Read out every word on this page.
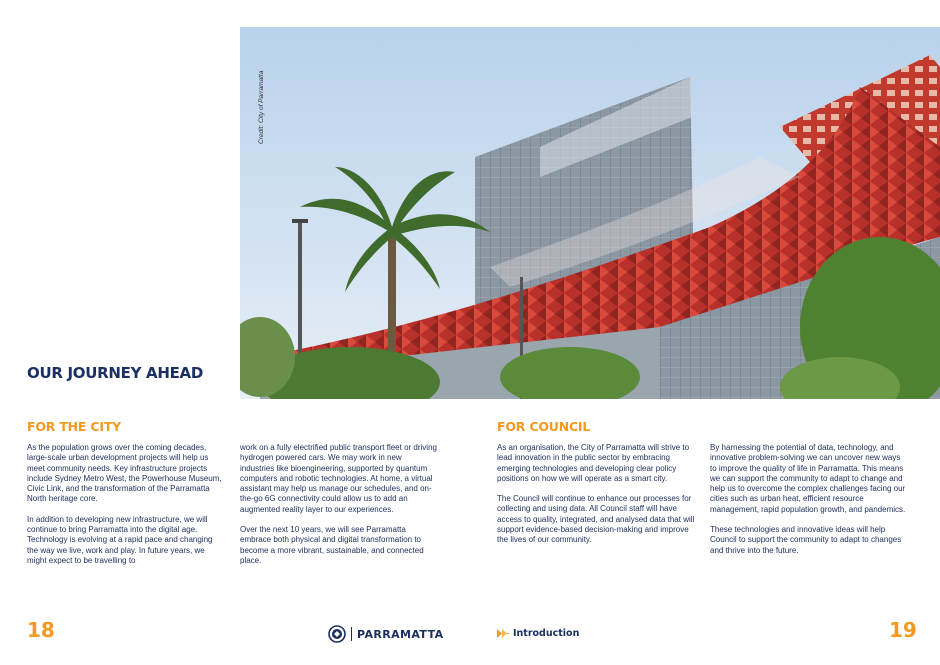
Credit: City of Parramatta
OUR JOURNEY AHEAD
FOR THE CITY

As the population grows over the coming decades, large-scale urban development projects will help us meet community needs. Key infrastructure projects include Sydney Metro West, the Powerhouse Museum, Civic Link, and the transformation of the Parramatta North heritage core.

In addition to developing new infrastructure, we will continue to bring Parramatta into the digital age. Technology is evolving at a rapid pace and changing the way we live, work and play. In future years, we might expect to be travelling to

work on a fully electrified public transport fleet or driving hydrogen powered cars. We may work in new industries like bioengineering, supported by quantum computers and robotic technologies. At home, a virtual assistant may help us manage our schedules, and on-the-go 6G connectivity could allow us to add an augmented reality layer to our experiences.

Over the next 10 years, we will see Parramatta embrace both physical and digital transformation to become a more vibrant, sustainable, and connected place.

FOR COUNCIL

As an organisation, the City of Parramatta will strive to lead innovation in the public sector by embracing emerging technologies and developing clear policy positions on how we will operate as a smart city.

The Council will continue to enhance our processes for collecting and using data. All Council staff will have access to quality, integrated, and analysed data that will support evidence-based decision-making and improve the lives of our community.

By harnessing the potential of data, technology, and innovative problem-solving we can uncover new ways to improve the quality of life in Parramatta. This means we can support the community to adapt to change and help us to overcome the complex challenges facing our cities such as urban heat, efficient resource management, rapid population growth, and pandemics.

These technologies and innovative ideas will help Council to support the community to adapt to changes and thrive into the future.

18	19
PARRAMATTA	Introduction
